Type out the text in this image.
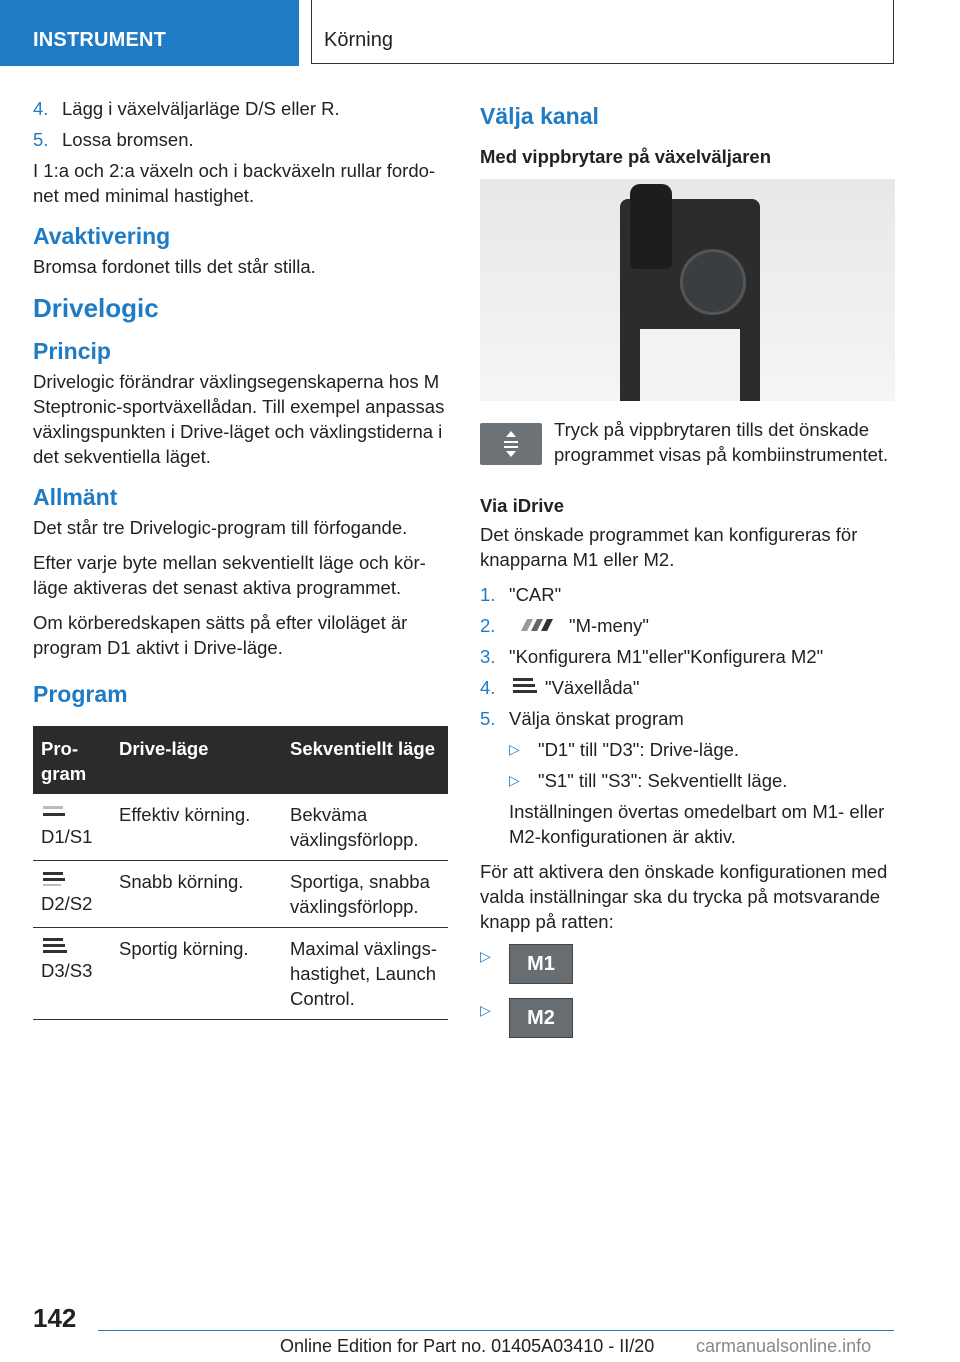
INSTRUMENT	Körning
4. Lägg i växelväljarläge D/S eller R.
5. Lossa bromsen.

I 1:a och 2:a växeln och i backväxeln rullar fordonet med minimal hastighet.

Avaktivering

Bromsa fordonet tills det står stilla.

Drivelogic
Princip

Drivelogic förändrar växlingsegenskaperna hos M Steptronic-sportväxellådan. Till exempel anpassas växlingspunkten i Drive-läget och växlingstiderna i det sekventiella läget.

Allmänt

Det står tre Drivelogic-program till förfogande.

Efter varje byte mellan sekventiellt läge och körläge aktiveras det senast aktiva programmet.

Om körberedskapen sätts på efter viloläget är program D1 aktivt i Drive-läge.

Program
Program	Drive-läge	Sekventiellt läge

D1/S1	Effektiv körning.	Bekväma växlingsförlopp.

D2/S2	Snabb körning.	Sportiga, snabba växlingsförlopp.

D3/S3	Sportig körning.	Maximal växlingshastighet, Launch Control.
Välja kanal
Med vippbrytare på växelväljaren

Tryck på vippbrytaren tills det önskade programmet visas på kombiinstrumentet.

Via iDrive

Det önskade programmet kan konfigureras för knapparna M1 eller M2.

1. "CAR"
2.	"M-meny"
3. "Konfigurera M1"eller"Konfigurera M2"
4.	"Växellåda"
5. Välja önskat program
▷ "D1" till "D3": Drive-läge.
▷ "S1" till "S3": Sekventiellt läge.

Inställningen övertas omedelbart om M1- eller M2-konfigurationen är aktiv.

För att aktivera den önskade konfigurationen med valda inställningar ska du trycka på motsvarande knapp på ratten:

▷	M1
▷	M2
142
Online Edition for Part no. 01405A03410 - II/20 carmanualsonline.info
